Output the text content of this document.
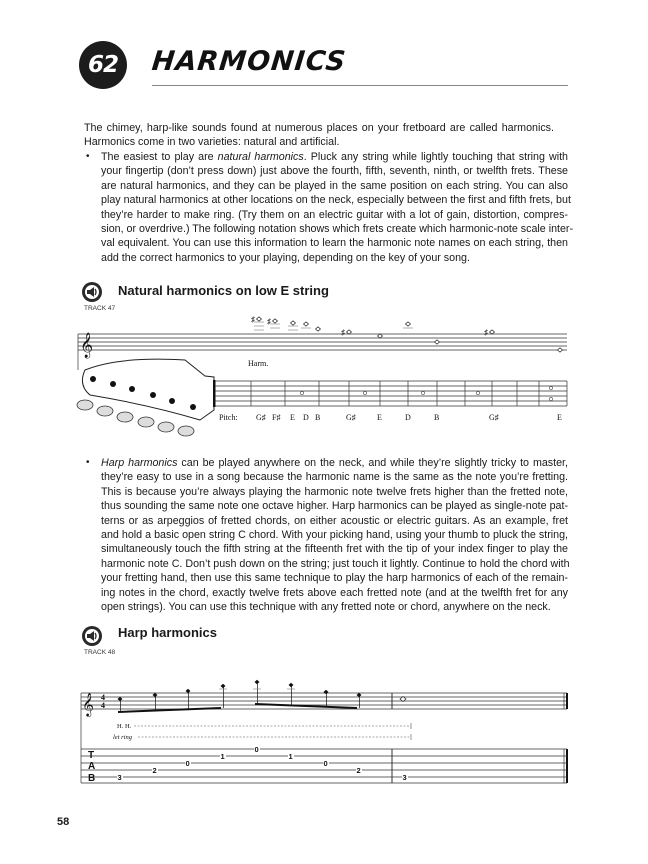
62 HARMONICS
The chimey, harp-like sounds found at numerous places on your fretboard are called harmonics.
Harmonics come in two varieties: natural and artificial.
• The easiest to play are natural harmonics. Pluck any string while lightly touching that string with
your fingertip (don’t press down) just above the fourth, fifth, seventh, ninth, or twelfth frets. These
are natural harmonics, and they can be played in the same position on each string. You can also
play natural harmonics at other locations on the neck, especially between the first and fifth frets, but
they’re harder to make ring. (Try them on an electric guitar with a lot of gain, distortion, compres-
sion, or overdrive.) The following notation shows which frets create which harmonic-note scale inter-
val equivalent. You can use this information to learn the harmonic note names on each string, then
add the correct harmonics to your playing, depending on the key of your song.
• Harp harmonics can be played anywhere on the neck, and while they’re slightly tricky to master,
they’re easy to use in a song because the harmonic name is the same as the note you’re fretting.
This is because you’re always playing the harmonic note twelve frets higher than the fretted note,
thus sounding the same note one octave higher. Harp harmonics can be played as single-note pat-
terns or as arpeggios of fretted chords, on either acoustic or electric guitars. As an example, fret
and hold a basic open string C chord. With your picking hand, using your thumb to pluck the string,
simultaneously touch the fifth string at the fifteenth fret with the tip of your index finger to play the
harmonic note C. Don’t push down on the string; just touch it lightly. Continue to hold the chord with
your fretting hand, then use this same technique to play the harp harmonics of each of the remain-
ing notes in the chord, exactly twelve frets above each fretted note (and at the twelfth fret for any
open strings). You can use this technique with any fretted note or chord, anywhere on the neck.
Natural harmonics on low E string
TRACK 47
𝄞
Harm.
Pitch:
♯
G♯
♯
F♯ E D B
♯
G♯	E	D	B
♯
G♯	E
𝄞 4
4
H. H.
let ring
T
A
B	3
2
0
1
0
1
0
2
3
Harp harmonics
TRACK 48
58
